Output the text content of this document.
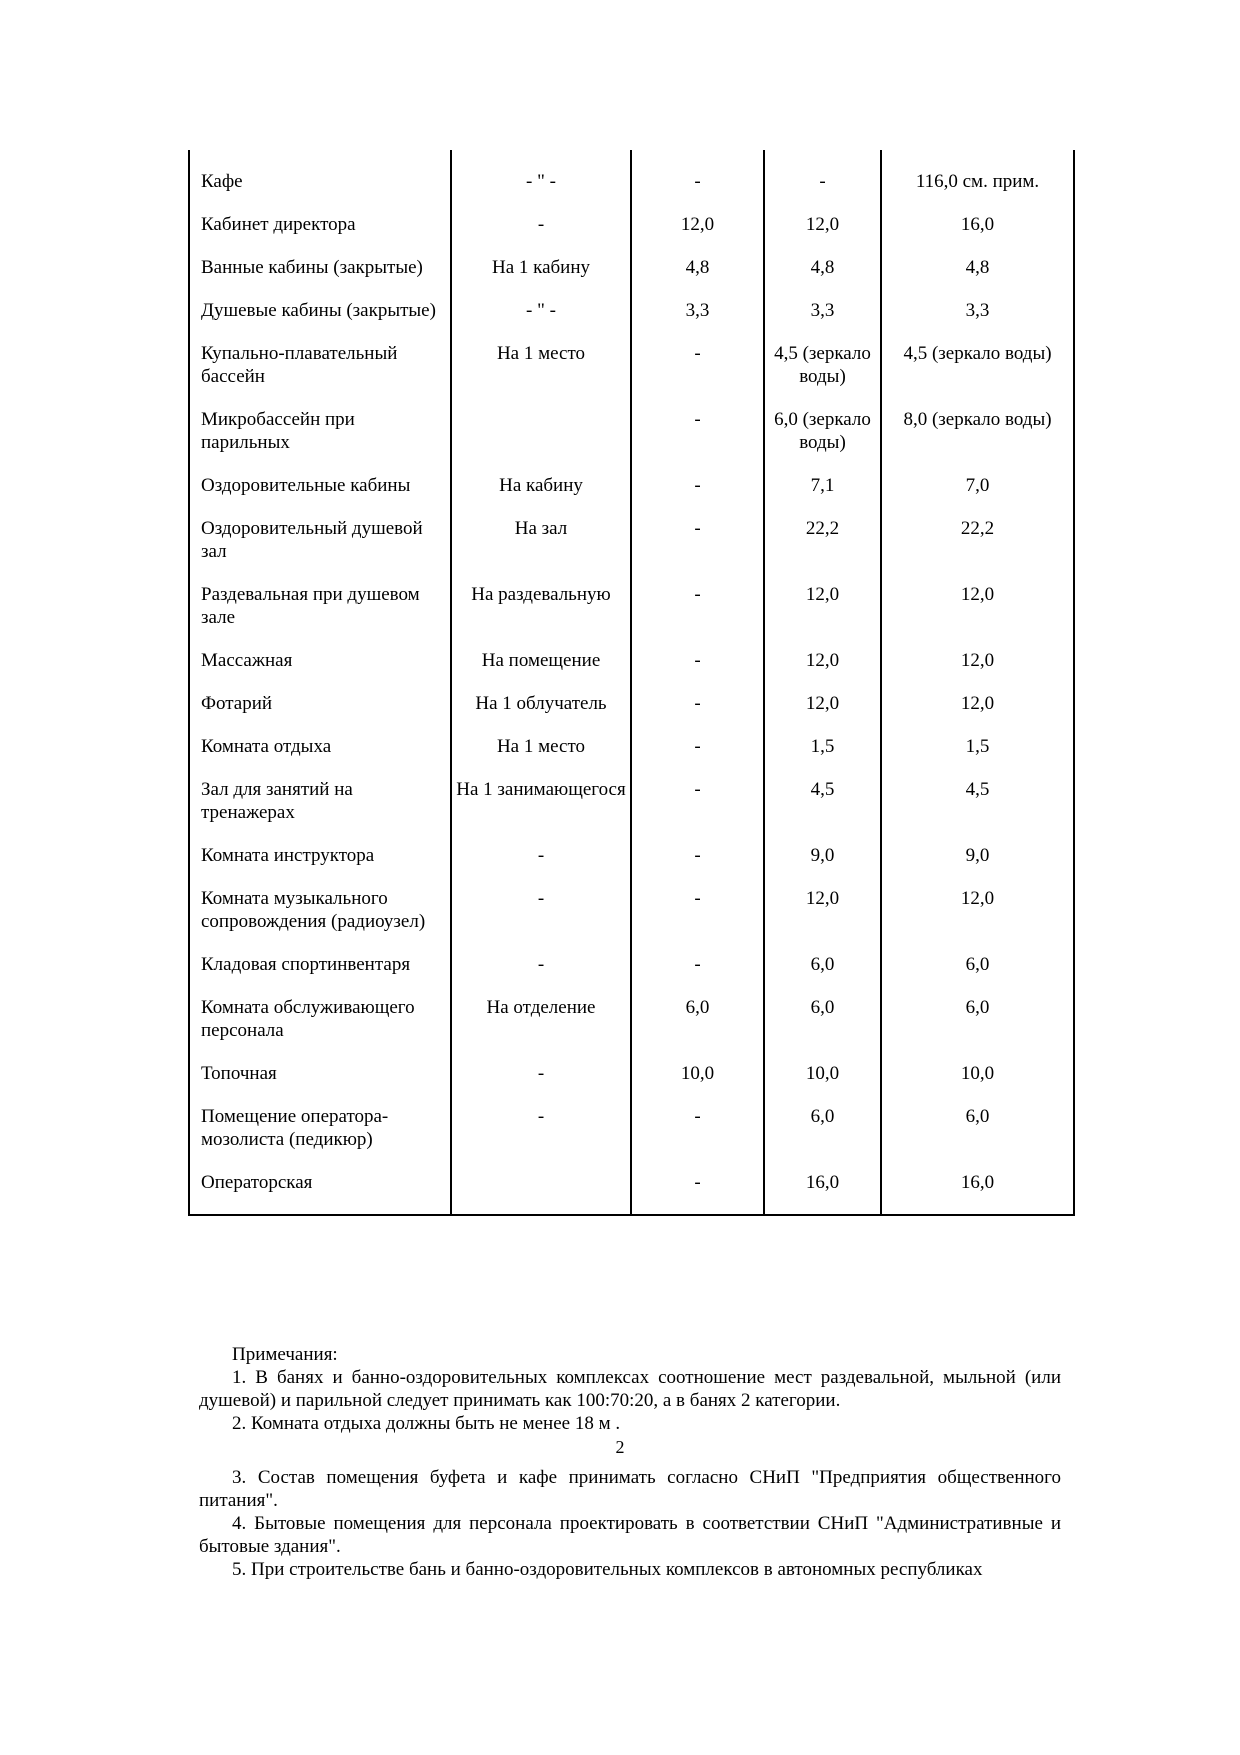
Кафе	- " -	-	-	116,0 см. прим.
Кабинет директора	-	12,0	12,0	16,0
Ванные кабины (закрытые)	На 1 кабину	4,8	4,8	4,8
Душевые кабины (закрытые)	- " -	3,3	3,3	3,3
Купально-плавательный бассейн	На 1 место	-	4,5 (зеркало воды)	4,5 (зеркало воды)
Микробассейн при парильных		-	6,0 (зеркало воды)	8,0 (зеркало воды)
Оздоровительные кабины	На кабину	-	7,1	7,0
Оздоровительный душевой зал	На зал	-	22,2	22,2
Раздевальная при душевом зале	На раздевальную	-	12,0	12,0
Массажная	На помещение	-	12,0	12,0
Фотарий	На 1 облучатель	-	12,0	12,0
Комната отдыха	На 1 место	-	1,5	1,5
Зал для занятий на тренажерах	На 1 занимающегося	-	4,5	4,5
Комната инструктора	-	-	9,0	9,0
Комната музыкального сопровождения (радиоузел)	-	-	12,0	12,0
Кладовая спортинвентаря	-	-	6,0	6,0
Комната обслуживающего персонала	На отделение	6,0	6,0	6,0
Топочная	-	10,0	10,0	10,0
Помещение оператора-мозолиста (педикюр)	-	-	6,0	6,0
Операторская		-	16,0	16,0

Примечания:

1. В банях и банно-оздоровительных комплексах соотношение мест раздевальной, мыльной (или душевой) и парильной следует принимать как 100:70:20, а в банях 2 категории.

2. Комната отдыха должны быть не менее 18 м .

2

3. Состав помещения буфета и кафе принимать согласно СНиП "Предприятия общественного питания".

4. Бытовые помещения для персонала проектировать в соответствии СНиП "Административные и бытовые здания".

5. При строительстве бань и банно-оздоровительных комплексов в автономных республиках
